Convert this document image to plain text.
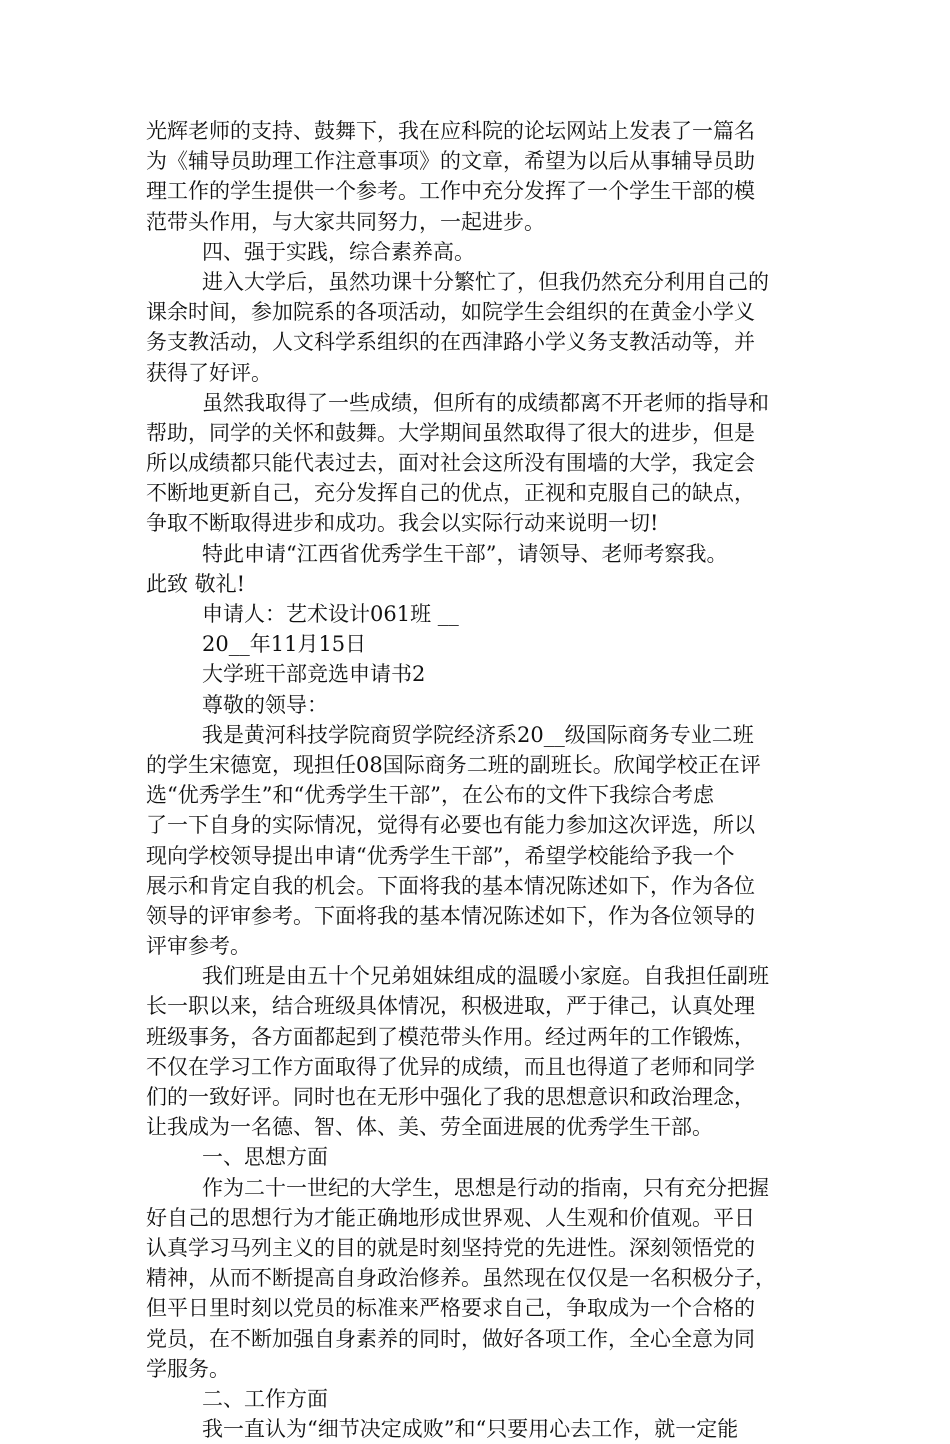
光辉老师的支持、鼓舞下，我在应科院的论坛网站上发表了一篇名
为《辅导员助理工作注意事项》的文章，希望为以后从事辅导员助
理工作的学生提供一个参考。工作中充分发挥了一个学生干部的模
范带头作用，与大家共同努力，一起进步。
四、强于实践，综合素养高。
进入大学后，虽然功课十分繁忙了，但我仍然充分利用自己的
课余时间，参加院系的各项活动，如院学生会组织的在黄金小学义
务支教活动，人文科学系组织的在西津路小学义务支教活动等，并
获得了好评。
虽然我取得了一些成绩，但所有的成绩都离不开老师的指导和
帮助，同学的关怀和鼓舞。大学期间虽然取得了很大的进步，但是
所以成绩都只能代表过去，面对社会这所没有围墙的大学，我定会
不断地更新自己，充分发挥自己的优点，正视和克服自己的缺点，
争取不断取得进步和成功。我会以实际行动来说明一切!
特此申请“江西省优秀学生干部”，请领导、老师考察我。
此致 敬礼!
申请人：艺术设计061班 __
20__年11月15日
大学班干部竞选申请书2
尊敬的领导：
我是黄河科技学院商贸学院经济系20__级国际商务专业二班
的学生宋德宽，现担任08国际商务二班的副班长。欣闻学校正在评
选“优秀学生”和“优秀学生干部”，在公布的文件下我综合考虑
了一下自身的实际情况，觉得有必要也有能力参加这次评选，所以
现向学校领导提出申请“优秀学生干部”，希望学校能给予我一个
展示和肯定自我的机会。下面将我的基本情况陈述如下，作为各位
领导的评审参考。下面将我的基本情况陈述如下，作为各位领导的
评审参考。
我们班是由五十个兄弟姐妹组成的温暖小家庭。自我担任副班
长一职以来，结合班级具体情况，积极进取，严于律己，认真处理
班级事务，各方面都起到了模范带头作用。经过两年的工作锻炼，
不仅在学习工作方面取得了优异的成绩，而且也得道了老师和同学
们的一致好评。同时也在无形中强化了我的思想意识和政治理念，
让我成为一名德、智、体、美、劳全面进展的优秀学生干部。
一、思想方面
作为二十一世纪的大学生，思想是行动的指南，只有充分把握
好自己的思想行为才能正确地形成世界观、人生观和价值观。平日
认真学习马列主义的目的就是时刻坚持党的先进性。深刻领悟党的
精神，从而不断提高自身政治修养。虽然现在仅仅是一名积极分子，
但平日里时刻以党员的标准来严格要求自己，争取成为一个合格的
党员，在不断加强自身素养的同时，做好各项工作，全心全意为同
学服务。
二、工作方面
我一直认为“细节决定成败”和“只要用心去工作，就一定能
